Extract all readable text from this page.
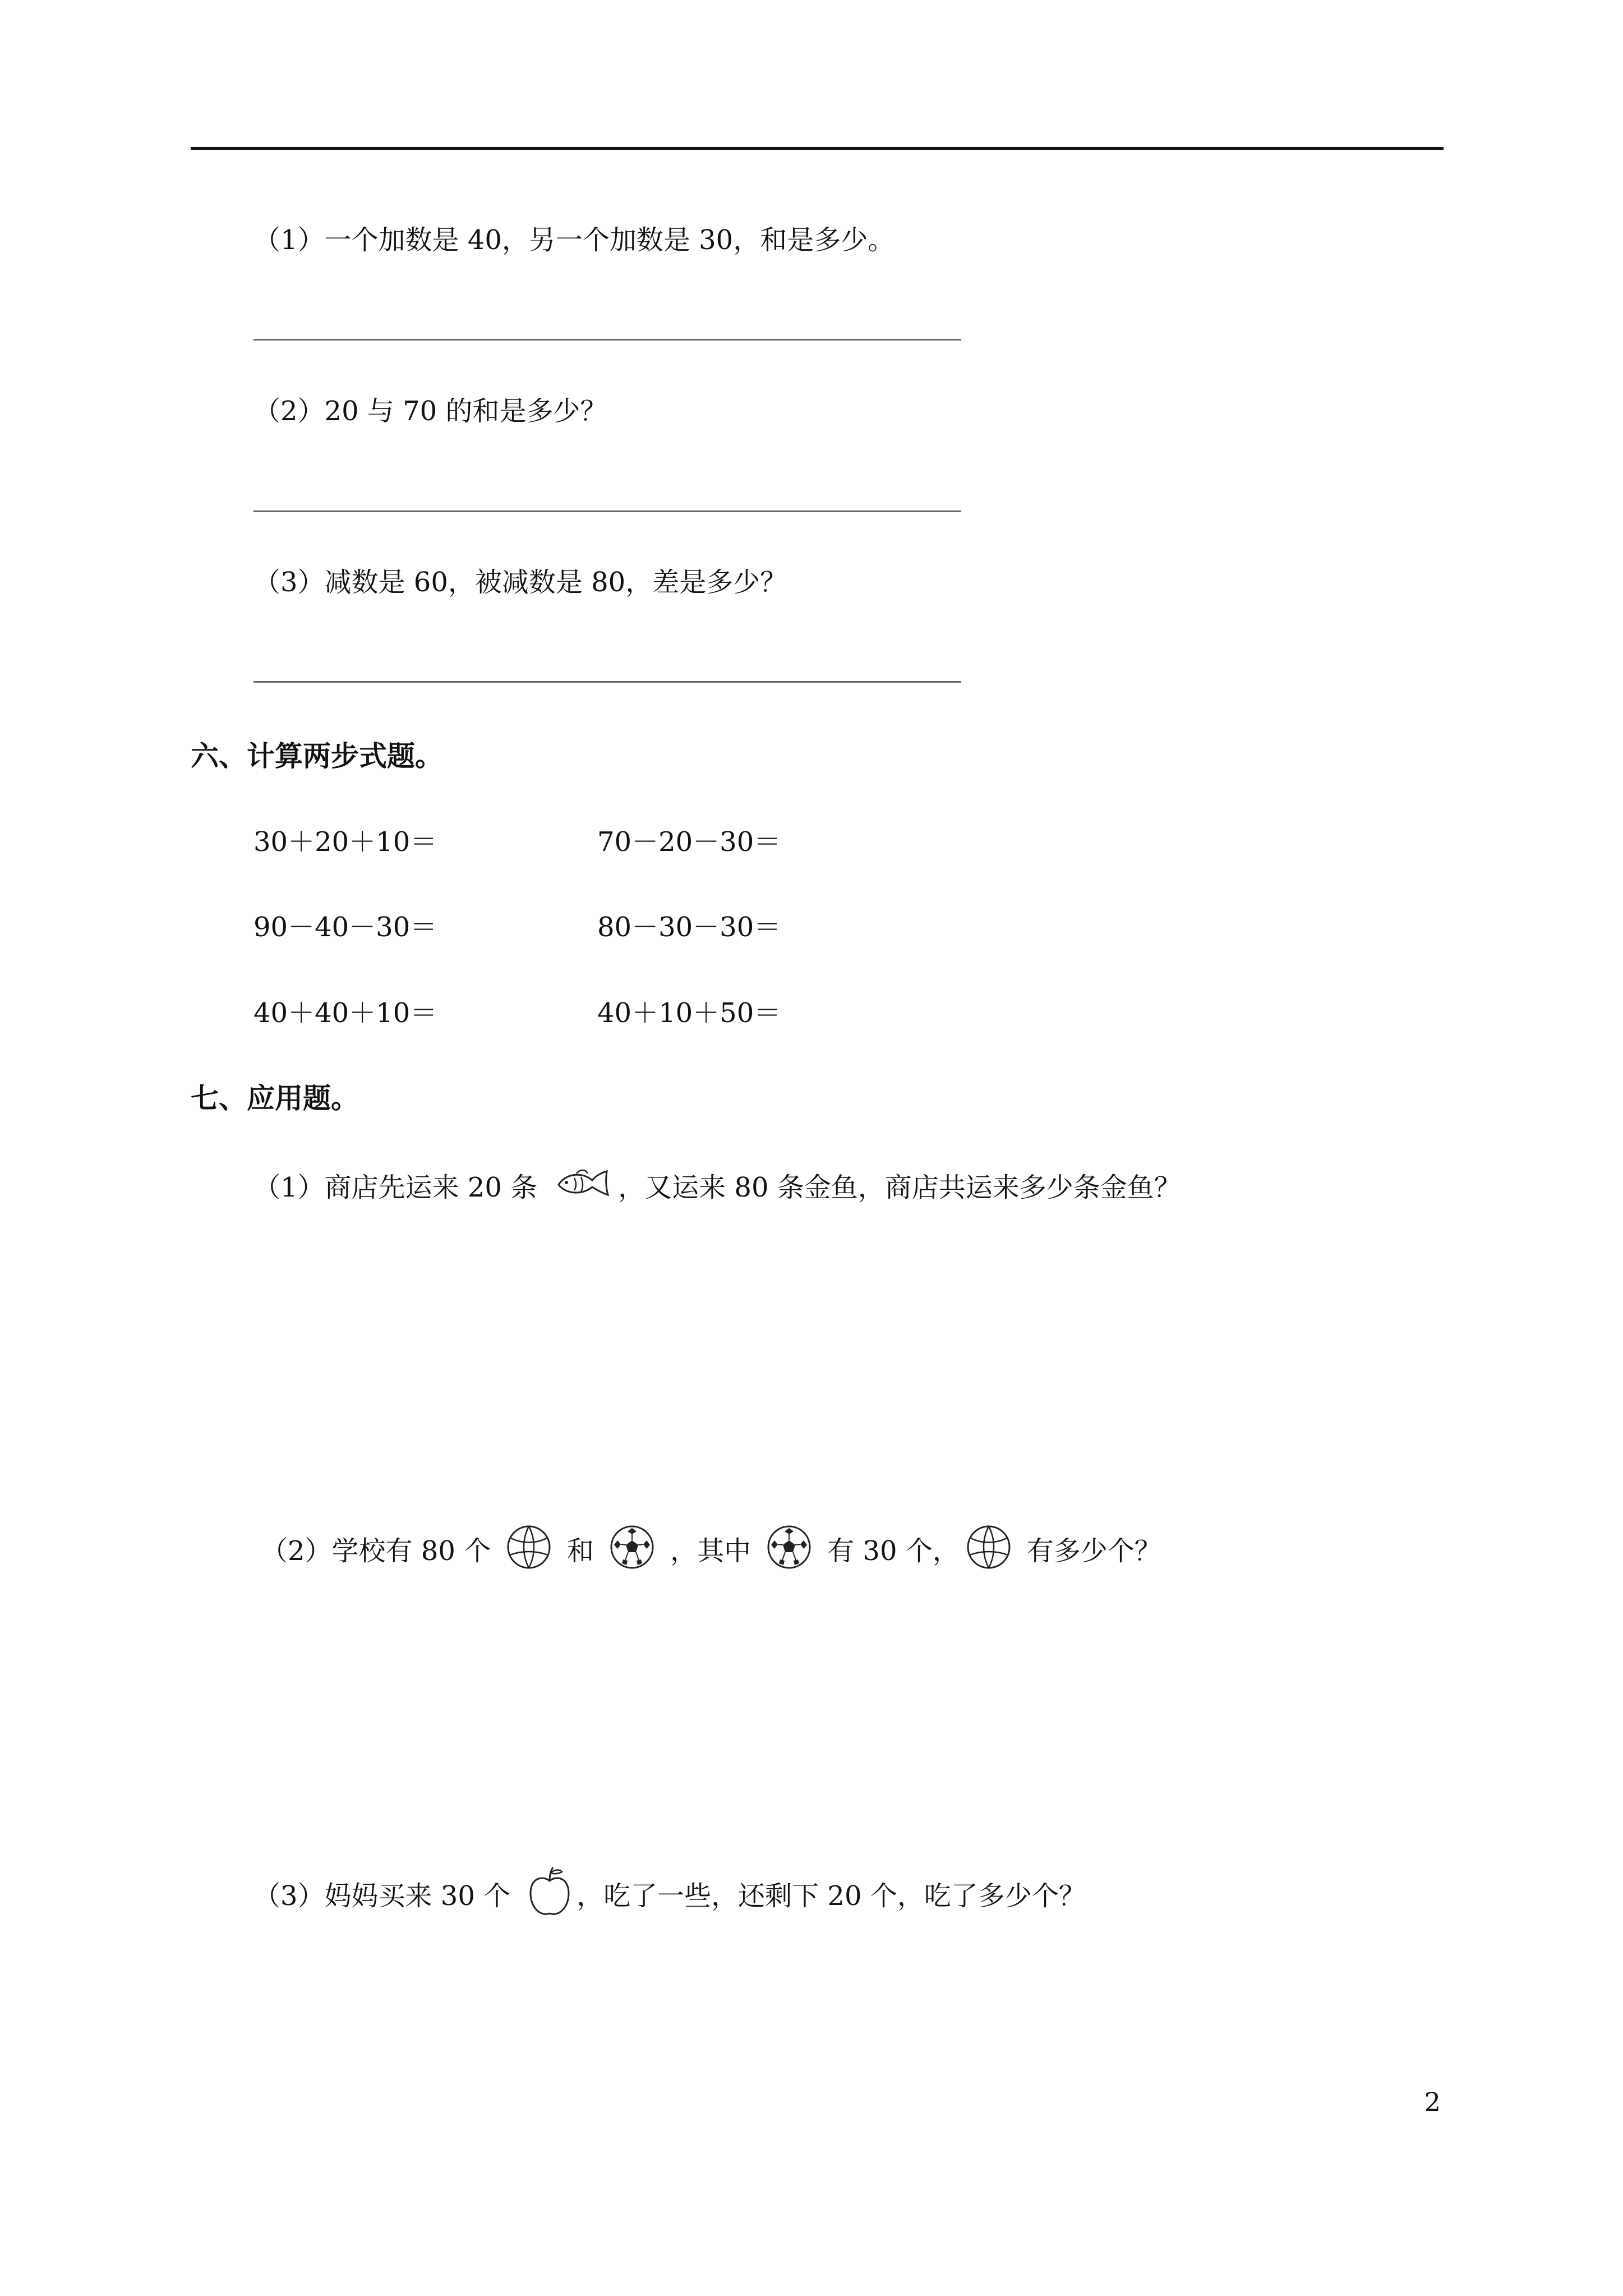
（1）一个加数是 40，另一个加数是 30，和是多少。
（2）20 与 70 的和是多少？
（3）减数是 60，被减数是 80，差是多少？
六、计算两步式题。
30＋20＋10＝	70－20－30＝
90－40－30＝	80－30－30＝
40＋40＋10＝	40＋10＋50＝
七、应用题。
（1）商店先运来 20 条	，又运来 80 条金鱼，商店共运来多少条金鱼？
（2）学校有 80 个	和	，其中	有 30 个，	有多少个？
（3）妈妈买来 30 个 ，吃了一些，还剩下 20 个，吃了多少个？
2
